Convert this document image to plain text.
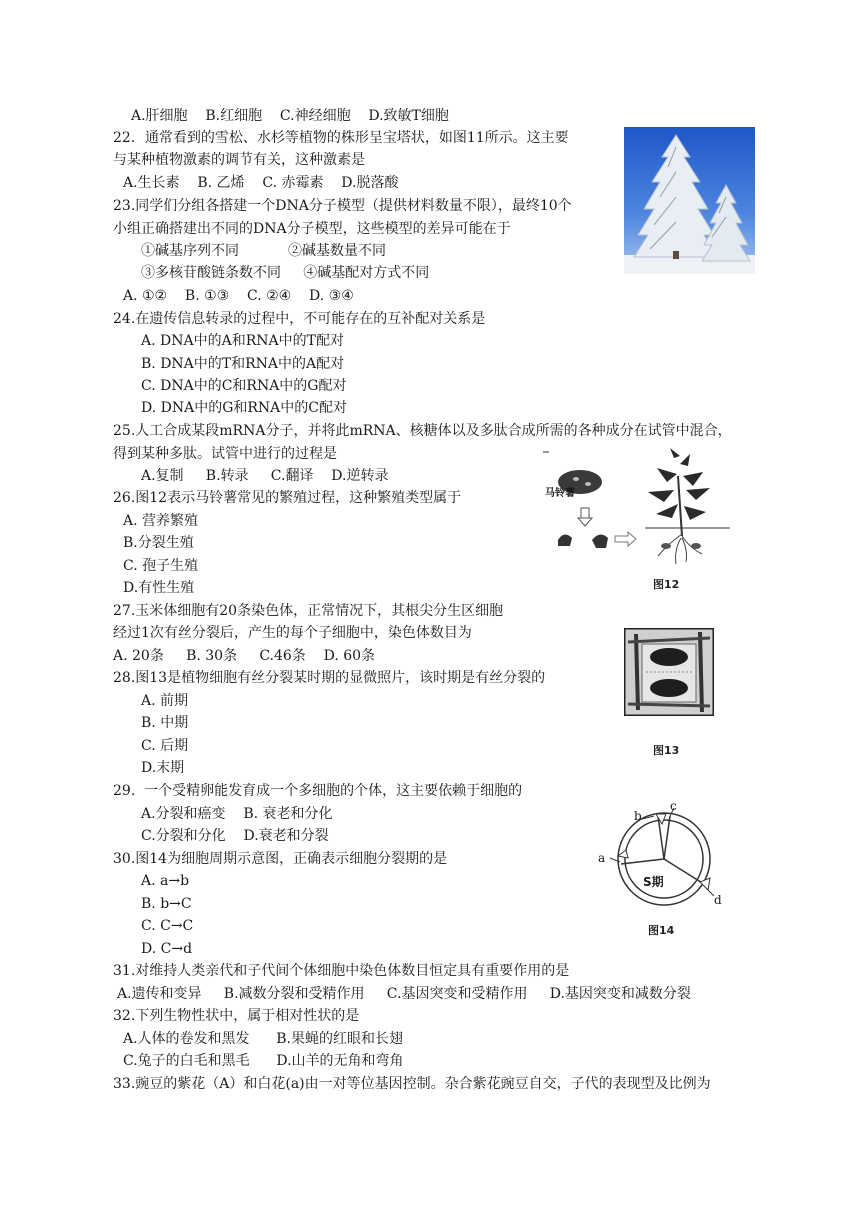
A.肝细胞    B.红细胞    C.神经细胞    D.致敏T细胞
22．通常看到的雪松、水杉等植物的株形呈宝塔状，如图11所示。这主要
与某种植物激素的调节有关，这种激素是
A.生长素    B. 乙烯    C. 赤霉素    D.脱落酸
23.同学们分组各搭建一个DNA分子模型（提供材料数量不限），最终10个
小组正确搭建出不同的DNA分子模型，这些模型的差异可能在于
①碱基序列不同           ②碱基数量不同
③多核苷酸链条数不同     ④碱基配对方式不同
A. ①②    B. ①③    C. ②④    D. ③④
24.在遗传信息转录的过程中，不可能存在的互补配对关系是
A. DNA中的A和RNA中的T配对
B. DNA中的T和RNA中的A配对
C. DNA中的C和RNA中的G配对
D. DNA中的G和RNA中的C配对
25.人工合成某段mRNA分子，并将此mRNA、核糖体以及多肽合成所需的各种成分在试管中混合，
得到某种多肽。试管中进行的过程是
A.复制     B.转录     C.翻译    D.逆转录
26.图12表示马铃薯常见的繁殖过程，这种繁殖类型属于
A. 营养繁殖
B.分裂生殖
C. 孢子生殖
D.有性生殖
马铃薯
图12
27.玉米体细胞有20条染色体，正常情况下，其根尖分生区细胞
经过1次有丝分裂后，产生的每个子细胞中，染色体数目为
A. 20条     B. 30条     C.46条    D. 60条
28.图13是植物细胞有丝分裂某时期的显微照片，该时期是有丝分裂的
A. 前期
B. 中期
C. 后期
D.末期
图13
29.  一个受精卵能发育成一个多细胞的个体，这主要依赖于细胞的
A.分裂和癌变    B. 衰老和分化
C.分裂和分化    D.衰老和分裂
30.图14为细胞周期示意图，正确表示细胞分裂期的是
A. a→b
B. b→C
C. C→C
D. C→d
S期
a
b
c
d
图14
31.对维持人类亲代和子代间个体细胞中染色体数目恒定具有重要作用的是
A.遗传和变异     B.减数分裂和受精作用     C.基因突变和受精作用     D.基因突变和减数分裂
32.下列生物性状中，属于相对性状的是
A.人体的卷发和黑发      B.果蝇的红眼和长翅
C.兔子的白毛和黑毛      D.山羊的无角和弯角
33.豌豆的紫花（A）和白花(a)由一对等位基因控制。杂合紫花豌豆自交，子代的表现型及比例为
